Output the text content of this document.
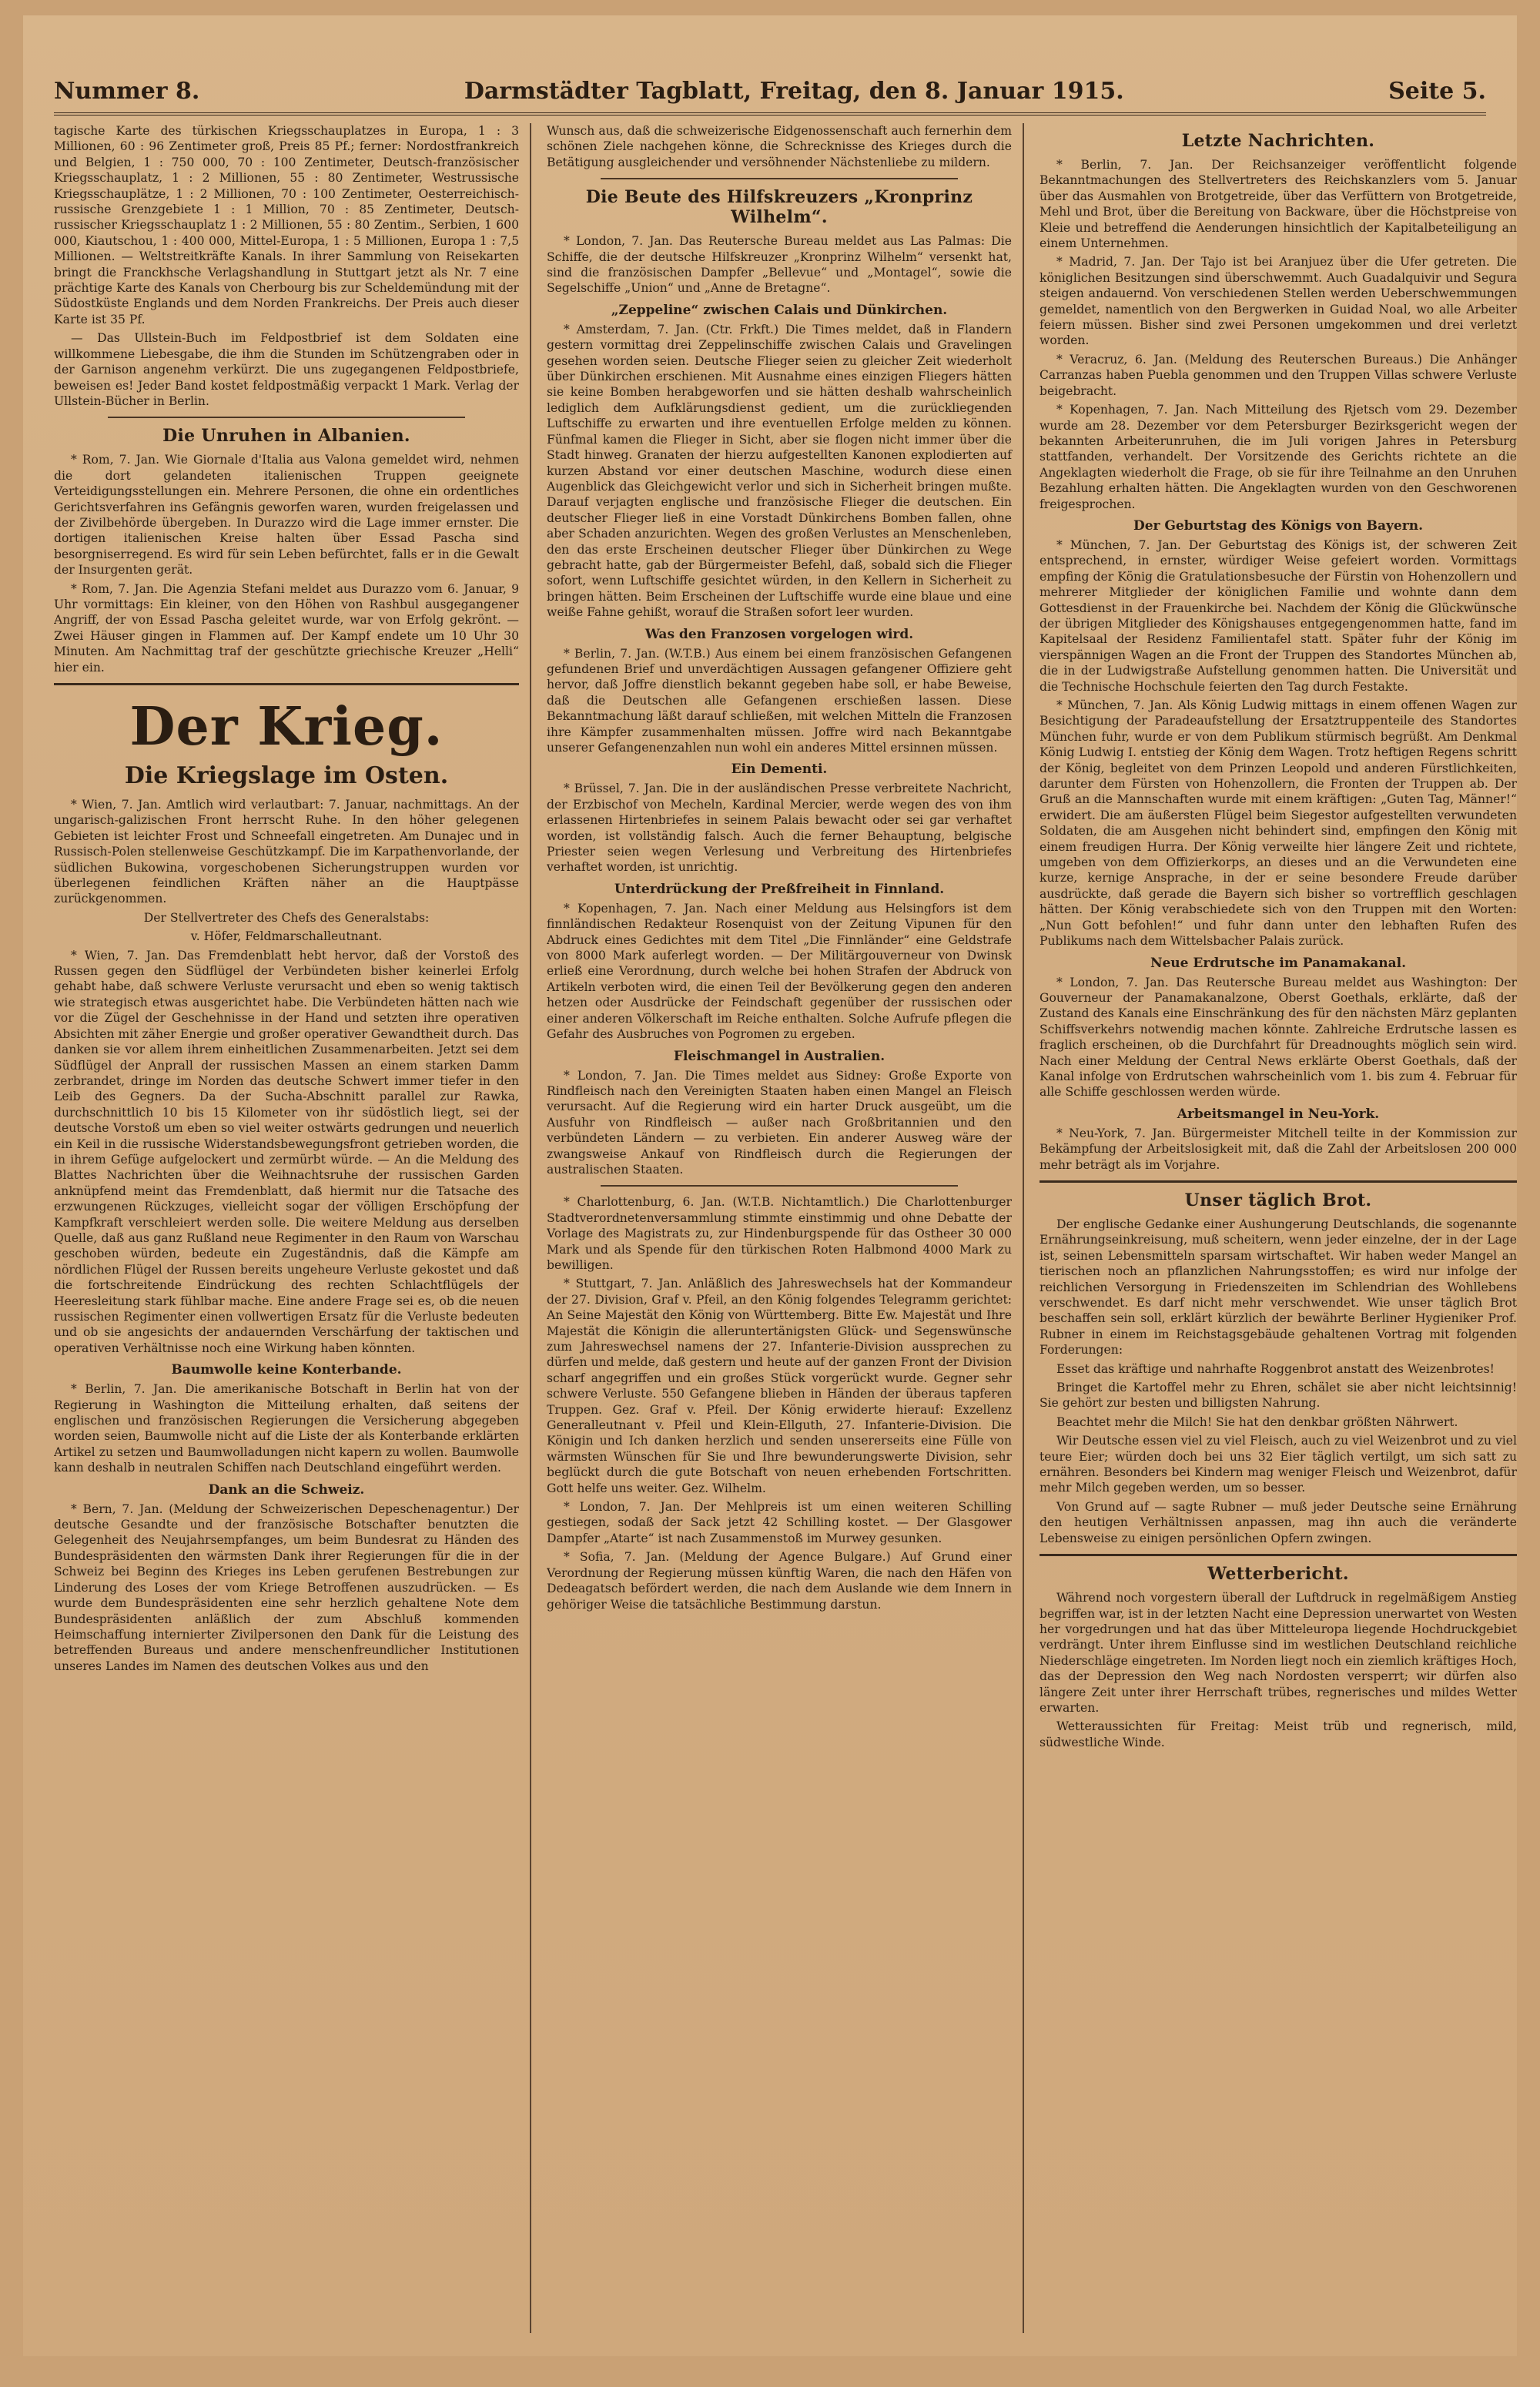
Nummer 8.	Darmstädter Tagblatt, Freitag, den 8. Januar 1915.	Seite 5.

tagische Karte des türkischen Kriegsschauplatzes in Europa, 1 : 3 Millionen, 60 : 96 Zentimeter groß, Preis 85 Pf.; ferner: Nordostfrankreich und Belgien, 1 : 750 000, 70 : 100 Zentimeter, Deutsch-französischer Kriegsschauplatz, 1 : 2 Millionen, 55 : 80 Zentimeter, Westrussische Kriegsschauplätze, 1 : 2 Millionen, 70 : 100 Zentimeter, Oesterreichisch-russische Grenzgebiete 1 : 1 Million, 70 : 85 Zentimeter, Deutsch-russischer Kriegsschauplatz 1 : 2 Millionen, 55 : 80 Zentim., Serbien, 1 600 000, Kiautschou, 1 : 400 000, Mittel-Europa, 1 : 5 Millionen, Europa 1 : 7,5 Millionen. — Weltstreitkräfte Kanals. In ihrer Sammlung von Reisekarten bringt die Franckhsche Verlagshandlung in Stuttgart jetzt als Nr. 7 eine prächtige Karte des Kanals von Cherbourg bis zur Scheldemündung mit der Südostküste Englands und dem Norden Frankreichs. Der Preis auch dieser Karte ist 35 Pf.

— Das Ullstein-Buch im Feldpostbrief ist dem Soldaten eine willkommene Liebesgabe, die ihm die Stunden im Schützengraben oder in der Garnison angenehm verkürzt. Die uns zugegangenen Feldpostbriefe, beweisen es! Jeder Band kostet feldpostmäßig verpackt 1 Mark. Verlag der Ullstein-Bücher in Berlin.

Die Unruhen in Albanien.

* Rom, 7. Jan. Wie Giornale d'Italia aus Valona gemeldet wird, nehmen die dort gelandeten italienischen Truppen geeignete Verteidigungsstellungen ein. Mehrere Personen, die ohne ein ordentliches Gerichtsverfahren ins Gefängnis geworfen waren, wurden freigelassen und der Zivilbehörde übergeben. In Durazzo wird die Lage immer ernster. Die dortigen italienischen Kreise halten über Essad Pascha sind besorgniserregend. Es wird für sein Leben befürchtet, falls er in die Gewalt der Insurgenten gerät.

* Rom, 7. Jan. Die Agenzia Stefani meldet aus Durazzo vom 6. Januar, 9 Uhr vormittags: Ein kleiner, von den Höhen von Rashbul ausgegangener Angriff, der von Essad Pascha geleitet wurde, war von Erfolg gekrönt. — Zwei Häuser gingen in Flammen auf. Der Kampf endete um 10 Uhr 30 Minuten. Am Nachmittag traf der geschützte griechische Kreuzer „Helli“ hier ein.

Der Krieg.
Die Kriegslage im Osten.

* Wien, 7. Jan. Amtlich wird verlautbart: 7. Januar, nachmittags. An der ungarisch-galizischen Front herrscht Ruhe. In den höher gelegenen Gebieten ist leichter Frost und Schneefall eingetreten. Am Dunajec und in Russisch-Polen stellenweise Geschützkampf. Die im Karpathenvorlande, der südlichen Bukowina, vorgeschobenen Sicherungstruppen wurden vor überlegenen feindlichen Kräften näher an die Hauptpässe zurückgenommen.

Der Stellvertreter des Chefs des Generalstabs:

v. Höfer, Feldmarschalleutnant.

* Wien, 7. Jan. Das Fremdenblatt hebt hervor, daß der Vorstoß des Russen gegen den Südflügel der Verbündeten bisher keinerlei Erfolg gehabt habe, daß schwere Verluste verursacht und eben so wenig taktisch wie strategisch etwas ausgerichtet habe. Die Verbündeten hätten nach wie vor die Zügel der Geschehnisse in der Hand und setzten ihre operativen Absichten mit zäher Energie und großer operativer Gewandtheit durch. Das danken sie vor allem ihrem einheitlichen Zusammenarbeiten. Jetzt sei dem Südflügel der Anprall der russischen Massen an einem starken Damm zerbrandet, dringe im Norden das deutsche Schwert immer tiefer in den Leib des Gegners. Da der Sucha-Abschnitt parallel zur Rawka, durchschnittlich 10 bis 15 Kilometer von ihr südöstlich liegt, sei der deutsche Vorstoß um eben so viel weiter ostwärts gedrungen und neuerlich ein Keil in die russische Widerstandsbewegungsfront getrieben worden, die in ihrem Gefüge aufgelockert und zermürbt würde. — An die Meldung des Blattes Nachrichten über die Weihnachtsruhe der russischen Garden anknüpfend meint das Fremdenblatt, daß hiermit nur die Tatsache des erzwungenen Rückzuges, vielleicht sogar der völligen Erschöpfung der Kampfkraft verschleiert werden solle. Die weitere Meldung aus derselben Quelle, daß aus ganz Rußland neue Regimenter in den Raum von Warschau geschoben würden, bedeute ein Zugeständnis, daß die Kämpfe am nördlichen Flügel der Russen bereits ungeheure Verluste gekostet und daß die fortschreitende Eindrückung des rechten Schlachtflügels der Heeresleitung stark fühlbar mache. Eine andere Frage sei es, ob die neuen russischen Regimenter einen vollwertigen Ersatz für die Verluste bedeuten und ob sie angesichts der andauernden Verschärfung der taktischen und operativen Verhältnisse noch eine Wirkung haben könnten.

Baumwolle keine Konterbande.

* Berlin, 7. Jan. Die amerikanische Botschaft in Berlin hat von der Regierung in Washington die Mitteilung erhalten, daß seitens der englischen und französischen Regierungen die Versicherung abgegeben worden seien, Baumwolle nicht auf die Liste der als Konterbande erklärten Artikel zu setzen und Baumwolladungen nicht kapern zu wollen. Baumwolle kann deshalb in neutralen Schiffen nach Deutschland eingeführt werden.

Dank an die Schweiz.

* Bern, 7. Jan. (Meldung der Schweizerischen Depeschenagentur.) Der deutsche Gesandte und der französische Botschafter benutzten die Gelegenheit des Neujahrsempfanges, um beim Bundesrat zu Händen des Bundespräsidenten den wärmsten Dank ihrer Regierungen für die in der Schweiz bei Beginn des Krieges ins Leben gerufenen Bestrebungen zur Linderung des Loses der vom Kriege Betroffenen auszudrücken. — Es wurde dem Bundespräsidenten eine sehr herzlich gehaltene Note dem Bundespräsidenten anläßlich der zum Abschluß kommenden Heimschaffung internierter Zivilpersonen den Dank für die Leistung des betreffenden Bureaus und andere menschenfreundlicher Institutionen unseres Landes im Namen des deutschen Volkes aus und den

Wunsch aus, daß die schweizerische Eidgenossenschaft auch fernerhin dem schönen Ziele nachgehen könne, die Schrecknisse des Krieges durch die Betätigung ausgleichender und versöhnender Nächstenliebe zu mildern.

Die Beute des Hilfskreuzers „Kronprinz Wilhelm“.

* London, 7. Jan. Das Reutersche Bureau meldet aus Las Palmas: Die Schiffe, die der deutsche Hilfskreuzer „Kronprinz Wilhelm“ versenkt hat, sind die französischen Dampfer „Bellevue“ und „Montagel“, sowie die Segelschiffe „Union“ und „Anne de Bretagne“.

„Zeppeline“ zwischen Calais und Dünkirchen.

* Amsterdam, 7. Jan. (Ctr. Frkft.) Die Times meldet, daß in Flandern gestern vormittag drei Zeppelinschiffe zwischen Calais und Gravelingen gesehen worden seien. Deutsche Flieger seien zu gleicher Zeit wiederholt über Dünkirchen erschienen. Mit Ausnahme eines einzigen Fliegers hätten sie keine Bomben herabgeworfen und sie hätten deshalb wahrscheinlich lediglich dem Aufklärungsdienst gedient, um die zurückliegenden Luftschiffe zu erwarten und ihre eventuellen Erfolge melden zu können. Fünfmal kamen die Flieger in Sicht, aber sie flogen nicht immer über die Stadt hinweg. Granaten der hierzu aufgestellten Kanonen explodierten auf kurzen Abstand vor einer deutschen Maschine, wodurch diese einen Augenblick das Gleichgewicht verlor und sich in Sicherheit bringen mußte. Darauf verjagten englische und französische Flieger die deutschen. Ein deutscher Flieger ließ in eine Vorstadt Dünkirchens Bomben fallen, ohne aber Schaden anzurichten. Wegen des großen Verlustes an Menschenleben, den das erste Erscheinen deutscher Flieger über Dünkirchen zu Wege gebracht hatte, gab der Bürgermeister Befehl, daß, sobald sich die Flieger sofort, wenn Luftschiffe gesichtet würden, in den Kellern in Sicherheit zu bringen hätten. Beim Erscheinen der Luftschiffe wurde eine blaue und eine weiße Fahne gehißt, worauf die Straßen sofort leer wurden.

Was den Franzosen vorgelogen wird.

* Berlin, 7. Jan. (W.T.B.) Aus einem bei einem französischen Gefangenen gefundenen Brief und unverdächtigen Aussagen gefangener Offiziere geht hervor, daß Joffre dienstlich bekannt gegeben habe soll, er habe Beweise, daß die Deutschen alle Gefangenen erschießen lassen. Diese Bekanntmachung läßt darauf schließen, mit welchen Mitteln die Franzosen ihre Kämpfer zusammenhalten müssen. Joffre wird nach Bekanntgabe unserer Gefangenenzahlen nun wohl ein anderes Mittel ersinnen müssen.

Ein Dementi.

* Brüssel, 7. Jan. Die in der ausländischen Presse verbreitete Nachricht, der Erzbischof von Mecheln, Kardinal Mercier, werde wegen des von ihm erlassenen Hirtenbriefes in seinem Palais bewacht oder sei gar verhaftet worden, ist vollständig falsch. Auch die ferner Behauptung, belgische Priester seien wegen Verlesung und Verbreitung des Hirtenbriefes verhaftet worden, ist unrichtig.

Unterdrückung der Preßfreiheit in Finnland.

* Kopenhagen, 7. Jan. Nach einer Meldung aus Helsingfors ist dem finnländischen Redakteur Rosenquist von der Zeitung Vipunen für den Abdruck eines Gedichtes mit dem Titel „Die Finnländer“ eine Geldstrafe von 8000 Mark auferlegt worden. — Der Militärgouverneur von Dwinsk erließ eine Verordnung, durch welche bei hohen Strafen der Abdruck von Artikeln verboten wird, die einen Teil der Bevölkerung gegen den anderen hetzen oder Ausdrücke der Feindschaft gegenüber der russischen oder einer anderen Völkerschaft im Reiche enthalten. Solche Aufrufe pflegen die Gefahr des Ausbruches von Pogromen zu ergeben.

Fleischmangel in Australien.

* London, 7. Jan. Die Times meldet aus Sidney: Große Exporte von Rindfleisch nach den Vereinigten Staaten haben einen Mangel an Fleisch verursacht. Auf die Regierung wird ein harter Druck ausgeübt, um die Ausfuhr von Rindfleisch — außer nach Großbritannien und den verbündeten Ländern — zu verbieten. Ein anderer Ausweg wäre der zwangsweise Ankauf von Rindfleisch durch die Regierungen der australischen Staaten.

* Charlottenburg, 6. Jan. (W.T.B. Nichtamtlich.) Die Charlottenburger Stadtverordnetenversammlung stimmte einstimmig und ohne Debatte der Vorlage des Magistrats zu, zur Hindenburgspende für das Ostheer 30 000 Mark und als Spende für den türkischen Roten Halbmond 4000 Mark zu bewilligen.

* Stuttgart, 7. Jan. Anläßlich des Jahreswechsels hat der Kommandeur der 27. Division, Graf v. Pfeil, an den König folgendes Telegramm gerichtet: An Seine Majestät den König von Württemberg. Bitte Ew. Majestät und Ihre Majestät die Königin die alleruntertänigsten Glück- und Segenswünsche zum Jahreswechsel namens der 27. Infanterie-Division aussprechen zu dürfen und melde, daß gestern und heute auf der ganzen Front der Division scharf angegriffen und ein großes Stück vorgerückt wurde. Gegner sehr schwere Verluste. 550 Gefangene blieben in Händen der überaus tapferen Truppen. Gez. Graf v. Pfeil. Der König erwiderte hierauf: Exzellenz Generalleutnant v. Pfeil und Klein-Ellguth, 27. Infanterie-Division. Die Königin und Ich danken herzlich und senden unsererseits eine Fülle von wärmsten Wünschen für Sie und Ihre bewunderungswerte Division, sehr beglückt durch die gute Botschaft von neuen erhebenden Fortschritten. Gott helfe uns weiter. Gez. Wilhelm.

* London, 7. Jan. Der Mehlpreis ist um einen weiteren Schilling gestiegen, sodaß der Sack jetzt 42 Schilling kostet. — Der Glasgower Dampfer „Atarte“ ist nach Zusammenstoß im Murwey gesunken.

* Sofia, 7. Jan. (Meldung der Agence Bulgare.) Auf Grund einer Verordnung der Regierung müssen künftig Waren, die nach den Häfen von Dedeagatsch befördert werden, die nach dem Auslande wie dem Innern in gehöriger Weise die tatsächliche Bestimmung darstun.

Letzte Nachrichten.

* Berlin, 7. Jan. Der Reichsanzeiger veröffentlicht folgende Bekanntmachungen des Stellvertreters des Reichskanzlers vom 5. Januar über das Ausmahlen von Brotgetreide, über das Verfüttern von Brotgetreide, Mehl und Brot, über die Bereitung von Backware, über die Höchstpreise von Kleie und betreffend die Aenderungen hinsichtlich der Kapitalbeteiligung an einem Unternehmen.

* Madrid, 7. Jan. Der Tajo ist bei Aranjuez über die Ufer getreten. Die königlichen Besitzungen sind überschwemmt. Auch Guadalquivir und Segura steigen andauernd. Von verschiedenen Stellen werden Ueberschwemmungen gemeldet, namentlich von den Bergwerken in Guidad Noal, wo alle Arbeiter feiern müssen. Bisher sind zwei Personen umgekommen und drei verletzt worden.

* Veracruz, 6. Jan. (Meldung des Reuterschen Bureaus.) Die Anhänger Carranzas haben Puebla genommen und den Truppen Villas schwere Verluste beigebracht.

* Kopenhagen, 7. Jan. Nach Mitteilung des Rjetsch vom 29. Dezember wurde am 28. Dezember vor dem Petersburger Bezirksgericht wegen der bekannten Arbeiterunruhen, die im Juli vorigen Jahres in Petersburg stattfanden, verhandelt. Der Vorsitzende des Gerichts richtete an die Angeklagten wiederholt die Frage, ob sie für ihre Teilnahme an den Unruhen Bezahlung erhalten hätten. Die Angeklagten wurden von den Geschworenen freigesprochen.

Der Geburtstag des Königs von Bayern.

* München, 7. Jan. Der Geburtstag des Königs ist, der schweren Zeit entsprechend, in ernster, würdiger Weise gefeiert worden. Vormittags empfing der König die Gratulationsbesuche der Fürstin von Hohenzollern und mehrerer Mitglieder der königlichen Familie und wohnte dann dem Gottesdienst in der Frauenkirche bei. Nachdem der König die Glückwünsche der übrigen Mitglieder des Königshauses entgegengenommen hatte, fand im Kapitelsaal der Residenz Familientafel statt. Später fuhr der König im vierspännigen Wagen an die Front der Truppen des Standortes München ab, die in der Ludwigstraße Aufstellung genommen hatten. Die Universität und die Technische Hochschule feierten den Tag durch Festakte.

* München, 7. Jan. Als König Ludwig mittags in einem offenen Wagen zur Besichtigung der Paradeaufstellung der Ersatztruppenteile des Standortes München fuhr, wurde er von dem Publikum stürmisch begrüßt. Am Denkmal König Ludwig I. entstieg der König dem Wagen. Trotz heftigen Regens schritt der König, begleitet von dem Prinzen Leopold und anderen Fürstlichkeiten, darunter dem Fürsten von Hohenzollern, die Fronten der Truppen ab. Der Gruß an die Mannschaften wurde mit einem kräftigen: „Guten Tag, Männer!“ erwidert. Die am äußersten Flügel beim Siegestor aufgestellten verwundeten Soldaten, die am Ausgehen nicht behindert sind, empfingen den König mit einem freudigen Hurra. Der König verweilte hier längere Zeit und richtete, umgeben von dem Offizierkorps, an dieses und an die Verwundeten eine kurze, kernige Ansprache, in der er seine besondere Freude darüber ausdrückte, daß gerade die Bayern sich bisher so vortrefflich geschlagen hätten. Der König verabschiedete sich von den Truppen mit den Worten: „Nun Gott befohlen!“ und fuhr dann unter den lebhaften Rufen des Publikums nach dem Wittelsbacher Palais zurück.

Neue Erdrutsche im Panamakanal.

* London, 7. Jan. Das Reutersche Bureau meldet aus Washington: Der Gouverneur der Panamakanalzone, Oberst Goethals, erklärte, daß der Zustand des Kanals eine Einschränkung des für den nächsten März geplanten Schiffsverkehrs notwendig machen könnte. Zahlreiche Erdrutsche lassen es fraglich erscheinen, ob die Durchfahrt für Dreadnoughts möglich sein wird. Nach einer Meldung der Central News erklärte Oberst Goethals, daß der Kanal infolge von Erdrutschen wahrscheinlich vom 1. bis zum 4. Februar für alle Schiffe geschlossen werden würde.

Arbeitsmangel in Neu-York.

* Neu-York, 7. Jan. Bürgermeister Mitchell teilte in der Kommission zur Bekämpfung der Arbeitslosigkeit mit, daß die Zahl der Arbeitslosen 200 000 mehr beträgt als im Vorjahre.

Unser täglich Brot.

Der englische Gedanke einer Aushungerung Deutschlands, die sogenannte Ernährungseinkreisung, muß scheitern, wenn jeder einzelne, der in der Lage ist, seinen Lebensmitteln sparsam wirtschaftet. Wir haben weder Mangel an tierischen noch an pflanzlichen Nahrungsstoffen; es wird nur infolge der reichlichen Versorgung in Friedenszeiten im Schlendrian des Wohllebens verschwendet. Es darf nicht mehr verschwendet. Wie unser täglich Brot beschaffen sein soll, erklärt kürzlich der bewährte Berliner Hygieniker Prof. Rubner in einem im Reichstagsgebäude gehaltenen Vortrag mit folgenden Forderungen:

Esset das kräftige und nahrhafte Roggenbrot anstatt des Weizenbrotes!

Bringet die Kartoffel mehr zu Ehren, schälet sie aber nicht leichtsinnig! Sie gehört zur besten und billigsten Nahrung.

Beachtet mehr die Milch! Sie hat den denkbar größten Nährwert.

Wir Deutsche essen viel zu viel Fleisch, auch zu viel Weizenbrot und zu viel teure Eier; würden doch bei uns 32 Eier täglich vertilgt, um sich satt zu ernähren. Besonders bei Kindern mag weniger Fleisch und Weizenbrot, dafür mehr Milch gegeben werden, um so besser.

Von Grund auf — sagte Rubner — muß jeder Deutsche seine Ernährung den heutigen Verhältnissen anpassen, mag ihn auch die veränderte Lebensweise zu einigen persönlichen Opfern zwingen.

Wetterbericht.

Während noch vorgestern überall der Luftdruck in regelmäßigem Anstieg begriffen war, ist in der letzten Nacht eine Depression unerwartet von Westen her vorgedrungen und hat das über Mitteleuropa liegende Hochdruckgebiet verdrängt. Unter ihrem Einflusse sind im westlichen Deutschland reichliche Niederschläge eingetreten. Im Norden liegt noch ein ziemlich kräftiges Hoch, das der Depression den Weg nach Nordosten versperrt; wir dürfen also längere Zeit unter ihrer Herrschaft trübes, regnerisches und mildes Wetter erwarten.

Wetteraussichten für Freitag: Meist trüb und regnerisch, mild, südwestliche Winde.
